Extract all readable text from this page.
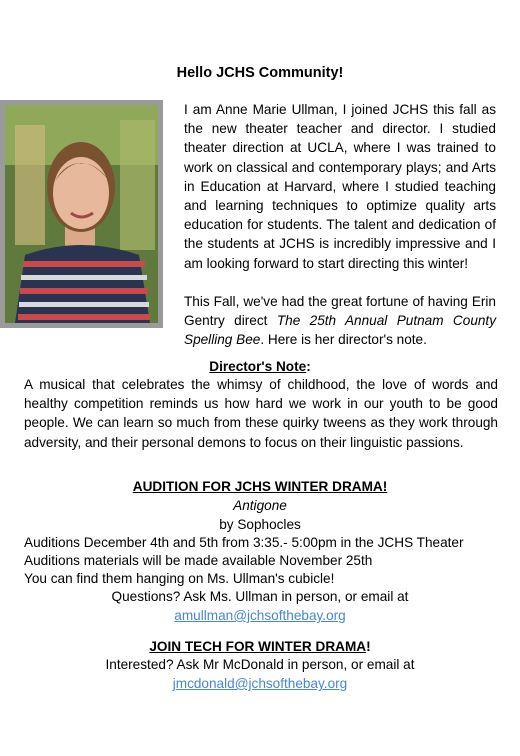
Hello JCHS Community!

I am Anne Marie Ullman, I joined JCHS this fall as the new theater teacher and director. I studied theater direction at UCLA, where I was trained to work on classical and contemporary plays; and Arts in Education at Harvard, where I studied teaching and learning techniques to optimize quality arts education for students. The talent and dedication of the students at JCHS is incredibly impressive and I am looking forward to start directing this winter!

This Fall, we've had the great fortune of having Erin Gentry direct The 25th Annual Putnam County Spelling Bee. Here is her director's note.

Director's Note:
A musical that celebrates the whimsy of childhood, the love of words and healthy competition reminds us how hard we work in our youth to be good people. We can learn so much from these quirky tweens as they work through adversity, and their personal demons to focus on their linguistic passions.
AUDITION FOR JCHS WINTER DRAMA!
Antigone
by Sophocles
Auditions December 4th and 5th from 3:35.- 5:00pm in the JCHS Theater
Auditions materials will be made available November 25th
You can find them hanging on Ms. Ullman's cubicle!
Questions? Ask Ms. Ullman in person, or email at
amullman@jchsofthebay.org
JOIN TECH FOR WINTER DRAMA!
Interested? Ask Mr McDonald in person, or email at
jmcdonald@jchsofthebay.org
